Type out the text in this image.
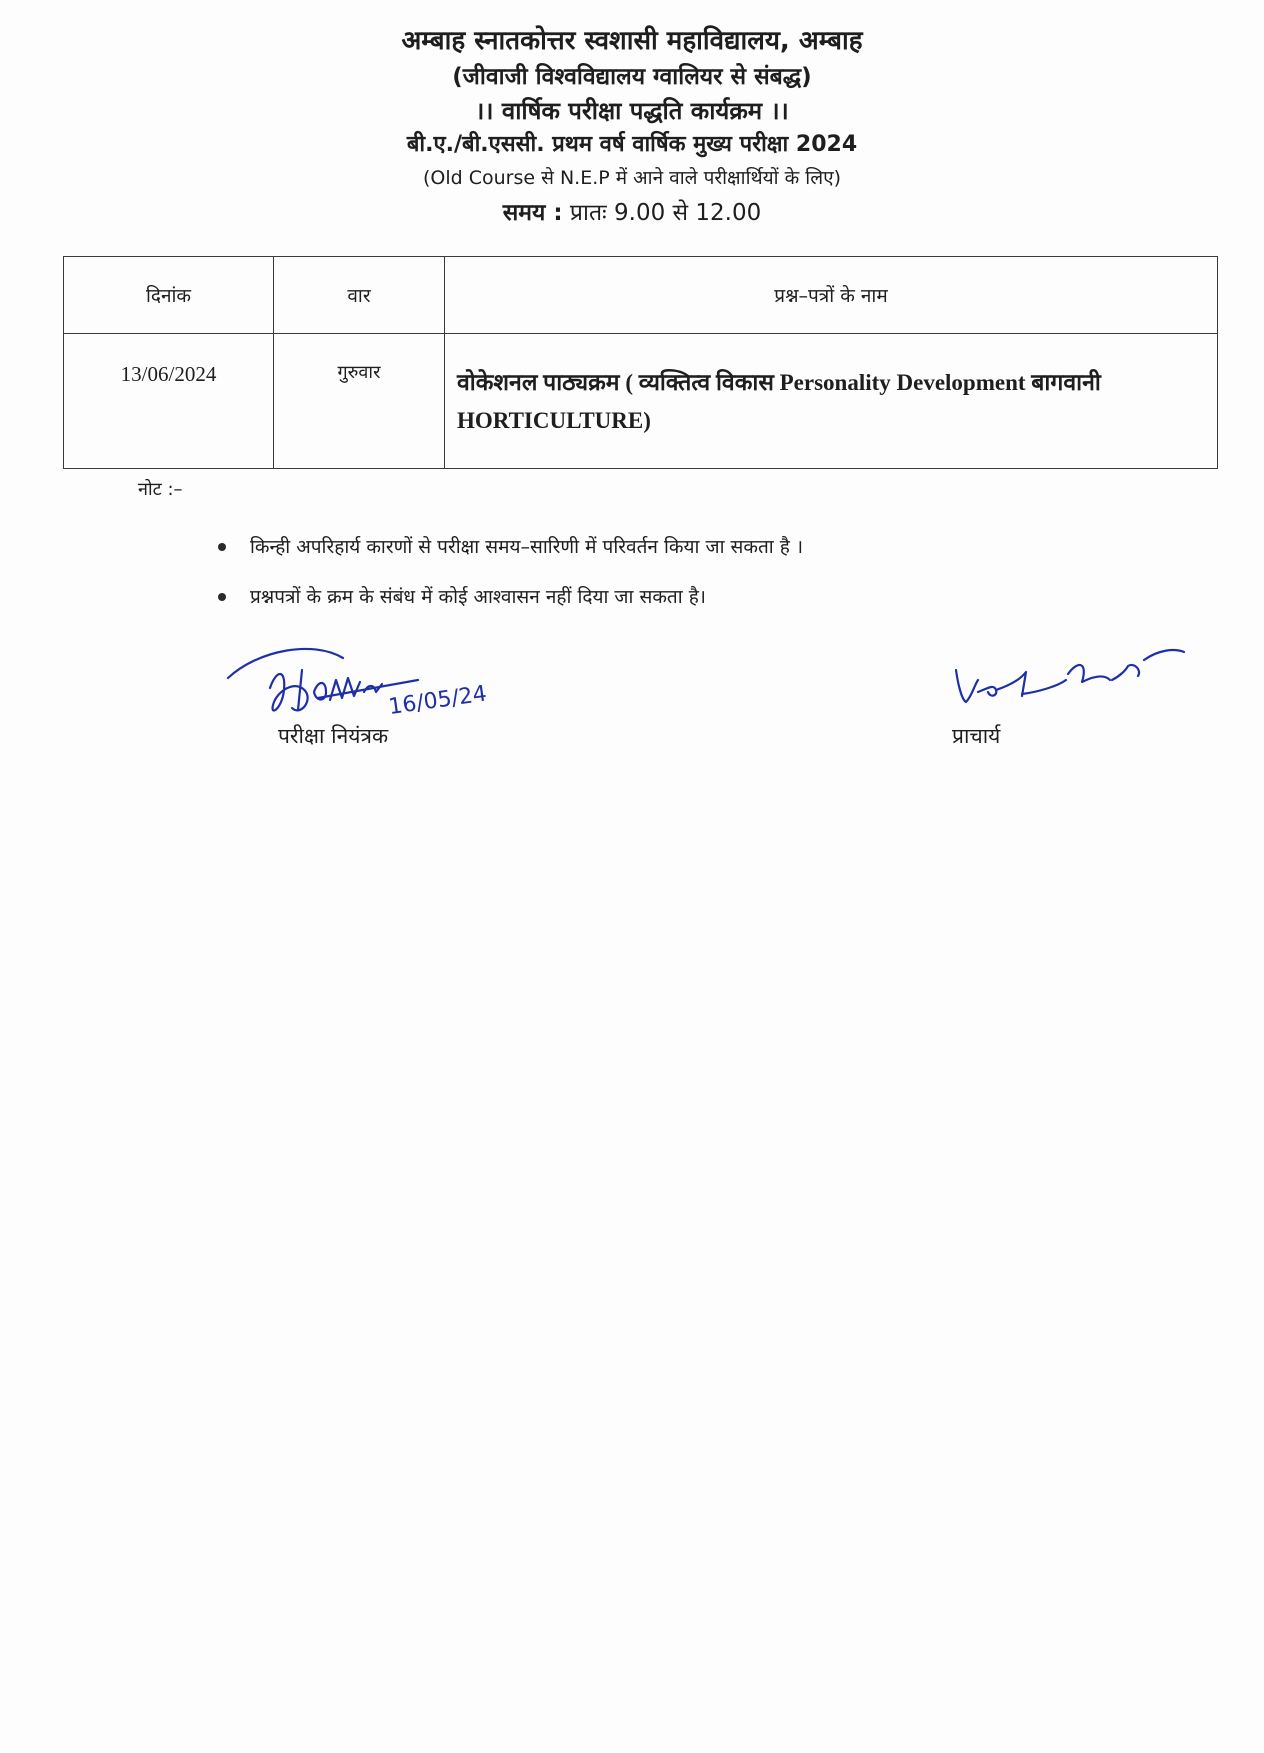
अम्बाह स्नातकोत्तर स्वशासी महाविद्यालय, अम्बाह
(जीवाजी विश्वविद्यालय ग्वालियर से संबद्ध)
।। वार्षिक परीक्षा पद्धति कार्यक्रम ।।
बी.ए./बी.एससी. प्रथम वर्ष वार्षिक मुख्य परीक्षा 2024
(Old Course से N.E.P में आने वाले परीक्षार्थियों के लिए)
समय : प्रातः 9.00 से 12.00
दिनांक	वार	प्रश्न–पत्रों के नाम
13/06/2024	गुरुवार	वोकेशनल पाठ्यक्रम ( व्यक्तित्व विकास Personality Development बागवानी HORTICULTURE)
नोट :–
किन्ही अपरिहार्य कारणों से परीक्षा समय–सारिणी में परिवर्तन किया जा सकता है ।
प्रश्नपत्रों के क्रम के संबंध में कोई आश्वासन नहीं दिया जा सकता है।
16/05/24
परीक्षा नियंत्रक	प्राचार्य
